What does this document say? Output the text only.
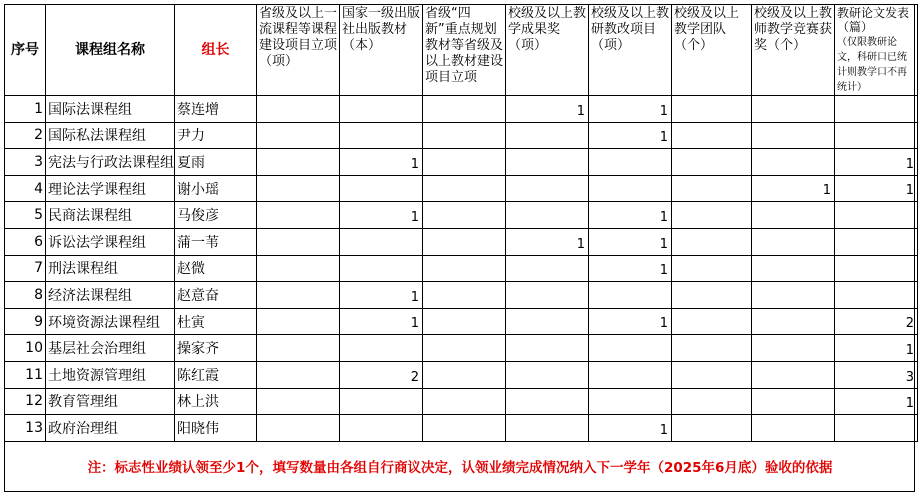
序号	课程组名称	组长	省级及以上一流课程等课程建设项目立项（项）	国家一级出版社出版教材（本）	省级“四新”重点规划教材等省级及以上教材建设项目立项	校级及以上教学成果奖（项）	校级及以上教研教改项目（项）	校级及以上教学团队（个）	校级及以上教师教学竞赛获奖（个）	教研论文发表（篇）
（仅限教研论文，科研口已统计则教学口不再统计）
1	国际法课程组	蔡连增				1	1			
2	国际私法课程组	尹力					1			
3	宪法与行政法课程组	夏雨		1						1
4	理论法学课程组	谢小瑶							1	1
5	民商法课程组	马俊彦		1			1			
6	诉讼法学课程组	蒲一苇				1	1			
7	刑法课程组	赵微					1			
8	经济法课程组	赵意奋		1						
9	环境资源法课程组	杜寅		1			1			2
10	基层社会治理组	操家齐								1
11	土地资源管理组	陈红霞		2						3
12	教育管理组	林上洪								1
13	政府治理组	阳晓伟					1			
注：标志性业绩认领至少1个，填写数量由各组自行商议决定，认领业绩完成情况纳入下一学年（2025年6月底）验收的依据
